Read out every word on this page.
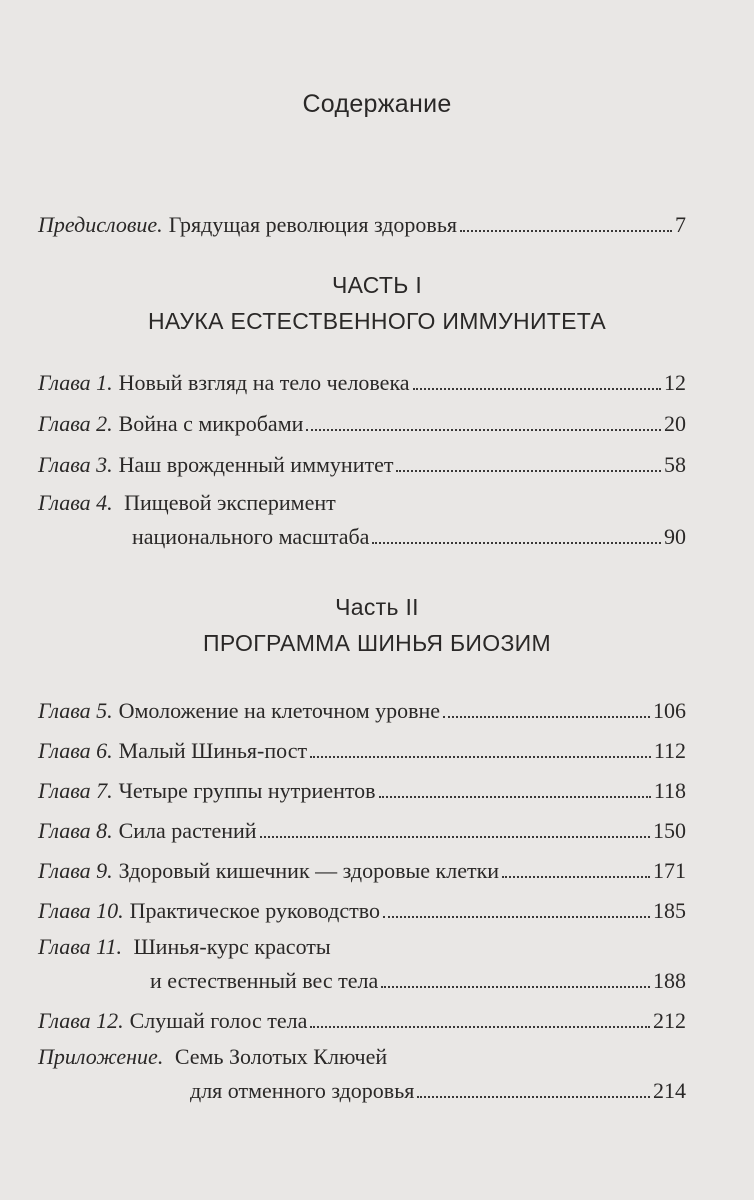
Содержание
Предисловие. Грядущая революция здоровья	7
ЧАСТЬ I
НАУКА ЕСТЕСТВЕННОГО ИММУНИТЕТА
Глава 1. Новый взгляд на тело человека	12
Глава 2. Война с микробами	20
Глава 3. Наш врожденный иммунитет	58
Глава 4. Пищевой эксперимент
национального масштаба	90
Часть II
ПРОГРАММА ШИНЬЯ БИОЗИМ
Глава 5. Омоложение на клеточном уровне	106
Глава 6. Малый Шинья-пост	112
Глава 7. Четыре группы нутриентов	118
Глава 8. Сила растений	150
Глава 9. Здоровый кишечник — здоровые клетки	171
Глава 10. Практическое руководство	185
Глава 11. Шинья-курс красоты
и естественный вес тела	188
Глава 12. Слушай голос тела	212
Приложение. Семь Золотых Ключей
для отменного здоровья	214
